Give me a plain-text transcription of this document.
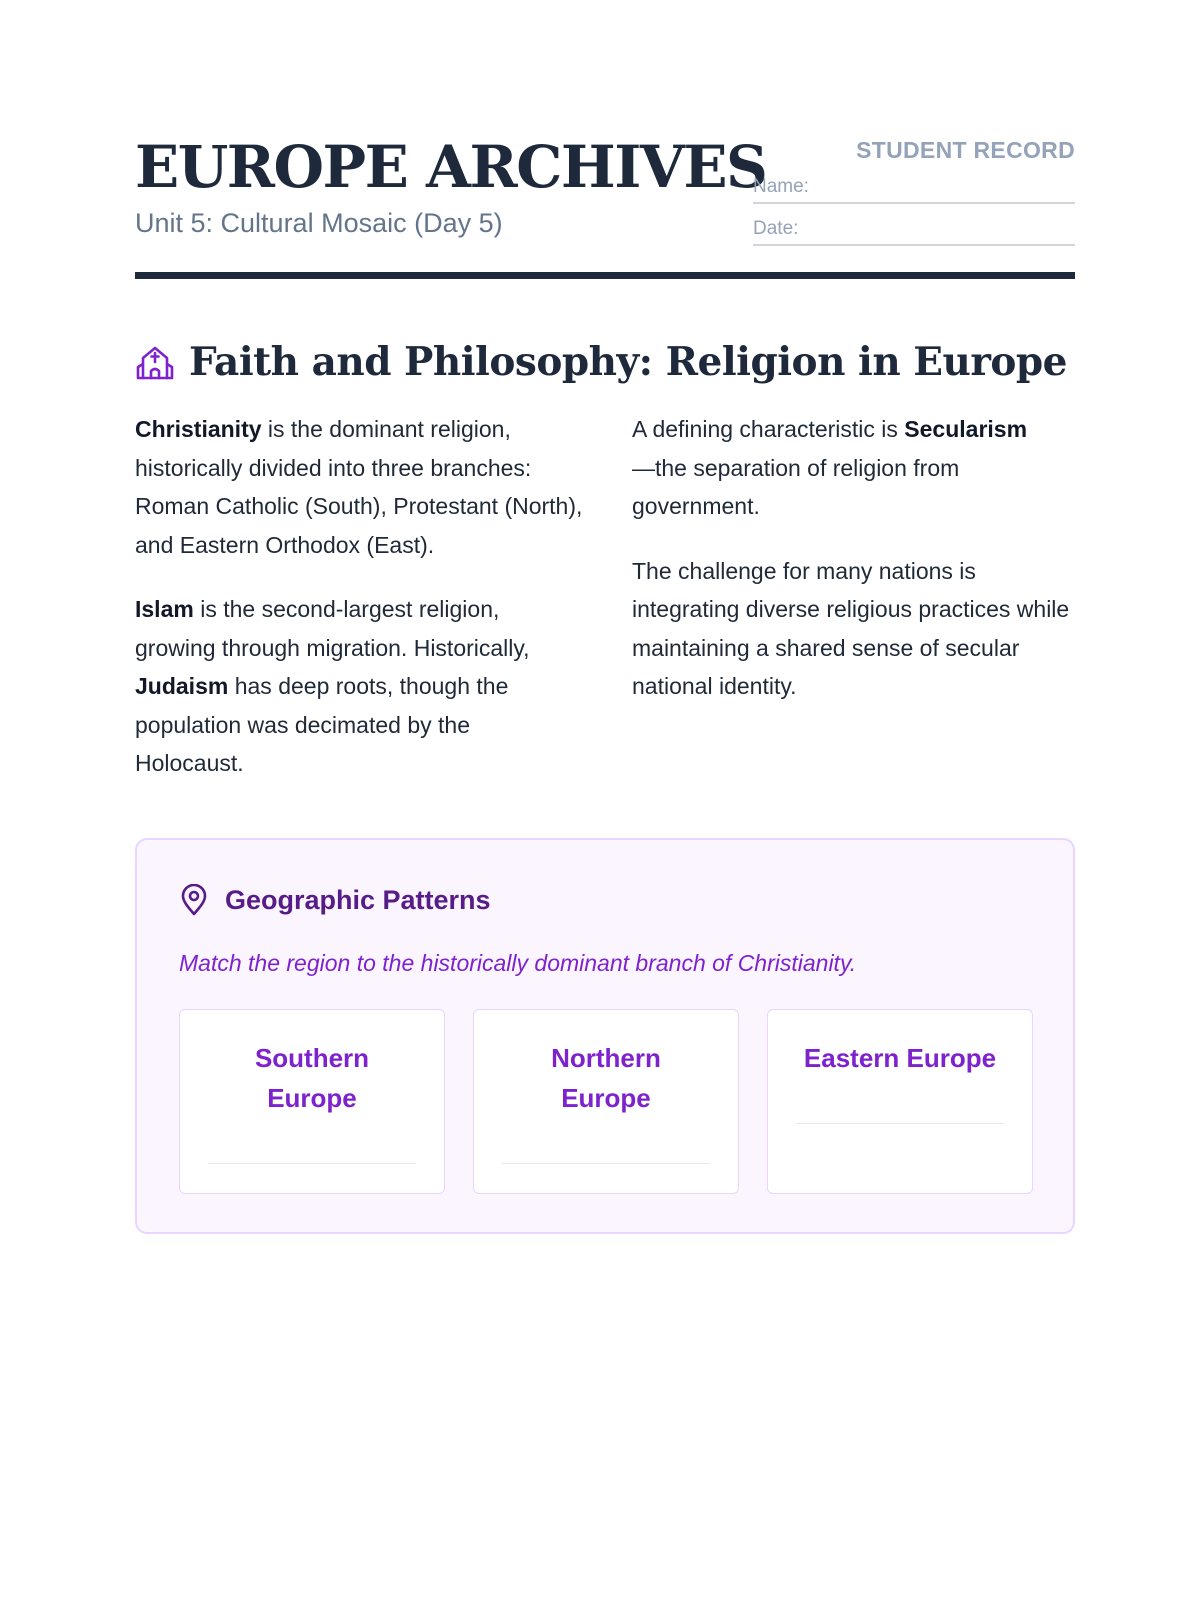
EUROPE ARCHIVES
Unit 5: Cultural Mosaic (Day 5)
STUDENT RECORD
Name:
Date:
Faith and Philosophy: Religion in Europe

Christianity is the dominant religion, historically divided into three branches: Roman Catholic (South), Protestant (North), and Eastern Orthodox (East).

Islam is the second-largest religion, growing through migration. Historically, Judaism has deep roots, though the population was decimated by the Holocaust.

A defining characteristic is Secularism
—the separation of religion from government.

The challenge for many nations is integrating diverse religious practices while maintaining a shared sense of secular national identity.

Geographic Patterns
Match the region to the historically dominant branch of Christianity.
Southern Europe
Northern Europe
Eastern Europe
